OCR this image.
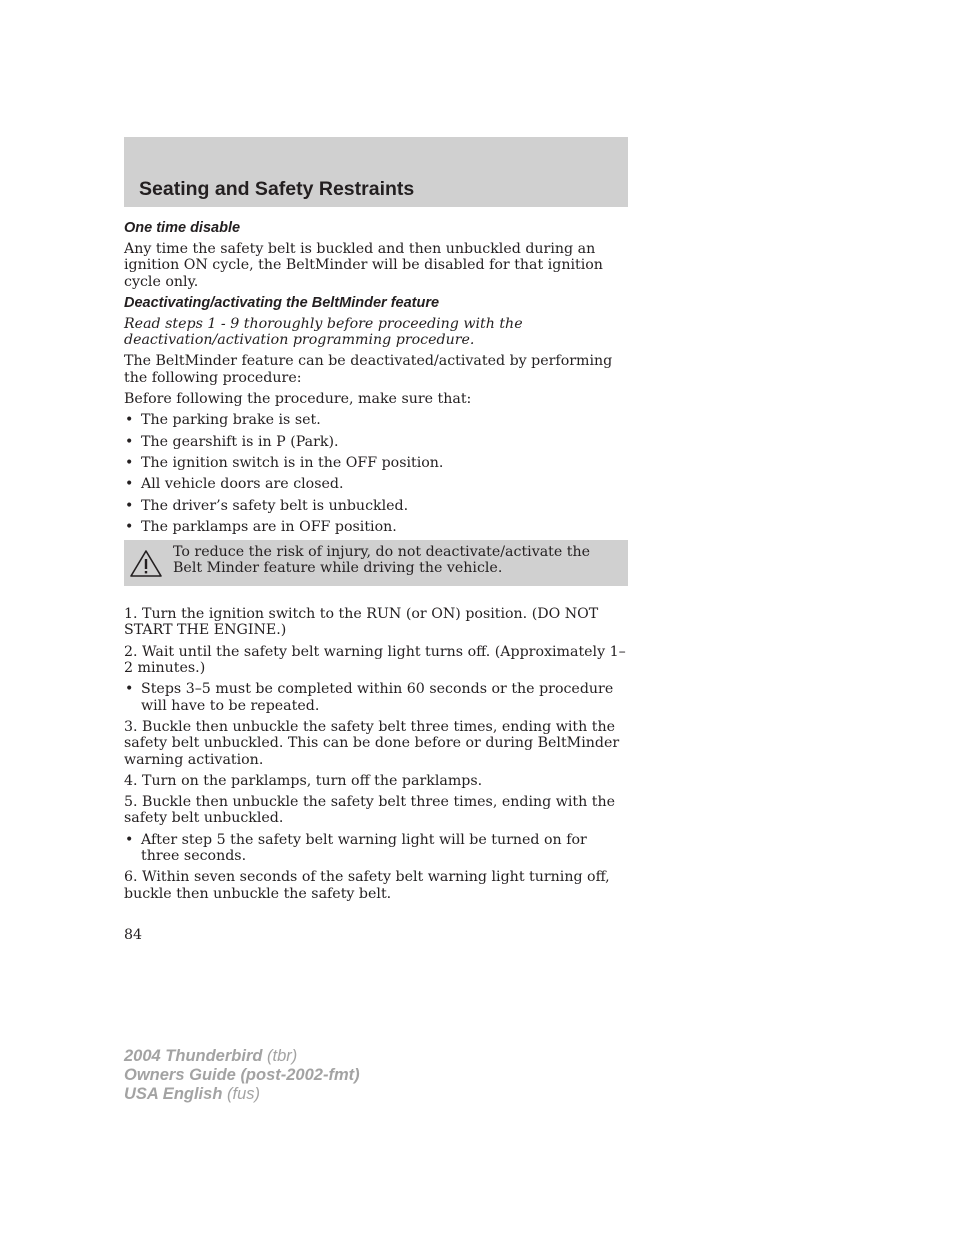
Seating and Safety Restraints
One time disable

Any time the safety belt is buckled and then unbuckled during an ignition ON cycle, the BeltMinder will be disabled for that ignition cycle only.

Deactivating/activating the BeltMinder feature

Read steps 1 - 9 thoroughly before proceeding with the deactivation/activation programming procedure.

The BeltMinder feature can be deactivated/activated by performing the following procedure:

Before following the procedure, make sure that:

• The parking brake is set.
• The gearshift is in P (Park).
• The ignition switch is in the OFF position.
• All vehicle doors are closed.
• The driver’s safety belt is unbuckled.
• The parklamps are in OFF position.
To reduce the risk of injury, do not deactivate/activate the Belt Minder feature while driving the vehicle.

1. Turn the ignition switch to the RUN (or ON) position. (DO NOT START THE ENGINE.)

2. Wait until the safety belt warning light turns off. (Approximately 1–2 minutes.)

• Steps 3–5 must be completed within 60 seconds or the procedure will have to be repeated.

3. Buckle then unbuckle the safety belt three times, ending with the safety belt unbuckled. This can be done before or during BeltMinder warning activation.

4. Turn on the parklamps, turn off the parklamps.

5. Buckle then unbuckle the safety belt three times, ending with the safety belt unbuckled.

• After step 5 the safety belt warning light will be turned on for three seconds.

6. Within seven seconds of the safety belt warning light turning off, buckle then unbuckle the safety belt.

84
2004 Thunderbird (tbr)
Owners Guide (post-2002-fmt)
USA English (fus)
